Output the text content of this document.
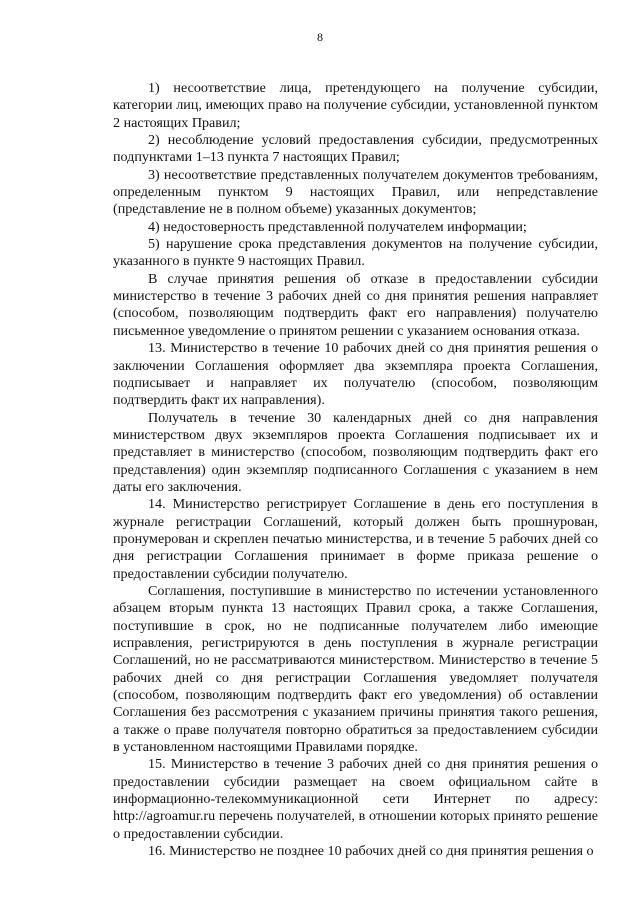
8

1) несоответствие лица, претендующего на получение субсидии, категории лиц, имеющих право на получение субсидии, установленной пунктом 2 настоящих Правил;

2) несоблюдение условий предоставления субсидии, предусмотренных подпунктами 1–13 пункта 7 настоящих Правил;

3) несоответствие представленных получателем документов требованиям, определенным пунктом 9 настоящих Правил, или непредставление (представление не в полном объеме) указанных документов;

4) недостоверность представленной получателем информации;

5) нарушение срока представления документов на получение субсидии, указанного в пункте 9 настоящих Правил.

В случае принятия решения об отказе в предоставлении субсидии министерство в течение 3 рабочих дней со дня принятия решения направляет (способом, позволяющим подтвердить факт его направления) получателю письменное уведомление о принятом решении с указанием основания отказа.

13. Министерство в течение 10 рабочих дней со дня принятия решения о заключении Соглашения оформляет два экземпляра проекта Соглашения, подписывает и направляет их получателю (способом, позволяющим подтвердить факт их направления).

Получатель в течение 30 календарных дней со дня направления министерством двух экземпляров проекта Соглашения подписывает их и представляет в министерство (способом, позволяющим подтвердить факт его представления) один экземпляр подписанного Соглашения с указанием в нем даты его заключения.

14. Министерство регистрирует Соглашение в день его поступления в журнале регистрации Соглашений, который должен быть прошнурован, пронумерован и скреплен печатью министерства, и в течение 5 рабочих дней со дня регистрации Соглашения принимает в форме приказа решение о предоставлении субсидии получателю.

Соглашения, поступившие в министерство по истечении установленного абзацем вторым пункта 13 настоящих Правил срока, а также Соглашения, поступившие в срок, но не подписанные получателем либо имеющие исправления, регистрируются в день поступления в журнале регистрации Соглашений, но не рассматриваются министерством. Министерство в течение 5 рабочих дней со дня регистрации Соглашения уведомляет получателя (способом, позволяющим подтвердить факт его уведомления) об оставлении Соглашения без рассмотрения с указанием причины принятия такого решения, а также о праве получателя повторно обратиться за предоставлением субсидии в установленном настоящими Правилами порядке.

15. Министерство в течение 3 рабочих дней со дня принятия решения о предоставлении субсидии размещает на своем официальном сайте в информационно-телекоммуникационной сети Интернет по адресу: http://agroamur.ru перечень получателей, в отношении которых принято решение о предоставлении субсидии.

16. Министерство не позднее 10 рабочих дней со дня принятия решения о
